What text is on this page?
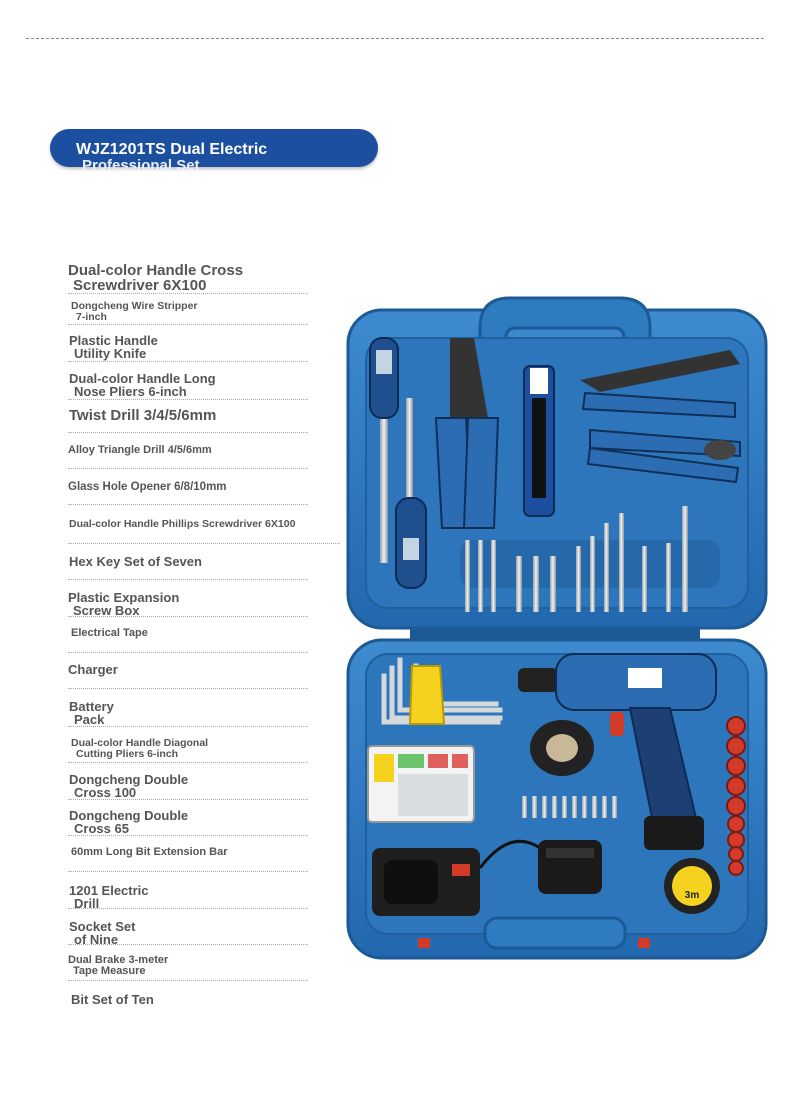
WJZ1201TS Dual Electric
Professional Set
Dual-color Handle Cross
Screwdriver 6X100
Dongcheng Wire Stripper
7-inch
Plastic Handle
Utility Knife
Dual-color Handle Long
Nose Pliers 6-inch
Twist Drill 3/4/5/6mm
Alloy Triangle Drill 4/5/6mm
Glass Hole Opener 6/8/10mm
Dual-color Handle Phillips Screwdriver 6X100
Hex Key Set of Seven
Plastic Expansion
Screw Box
Electrical Tape
Charger
Battery
Pack
Dual-color Handle Diagonal
Cutting Pliers 6-inch
Dongcheng Double
Cross 100
Dongcheng Double
Cross 65
60mm Long Bit Extension Bar
1201 Electric
Drill
Socket Set
of Nine
Dual Brake 3-meter
Tape Measure
Bit Set of Ten
3m
